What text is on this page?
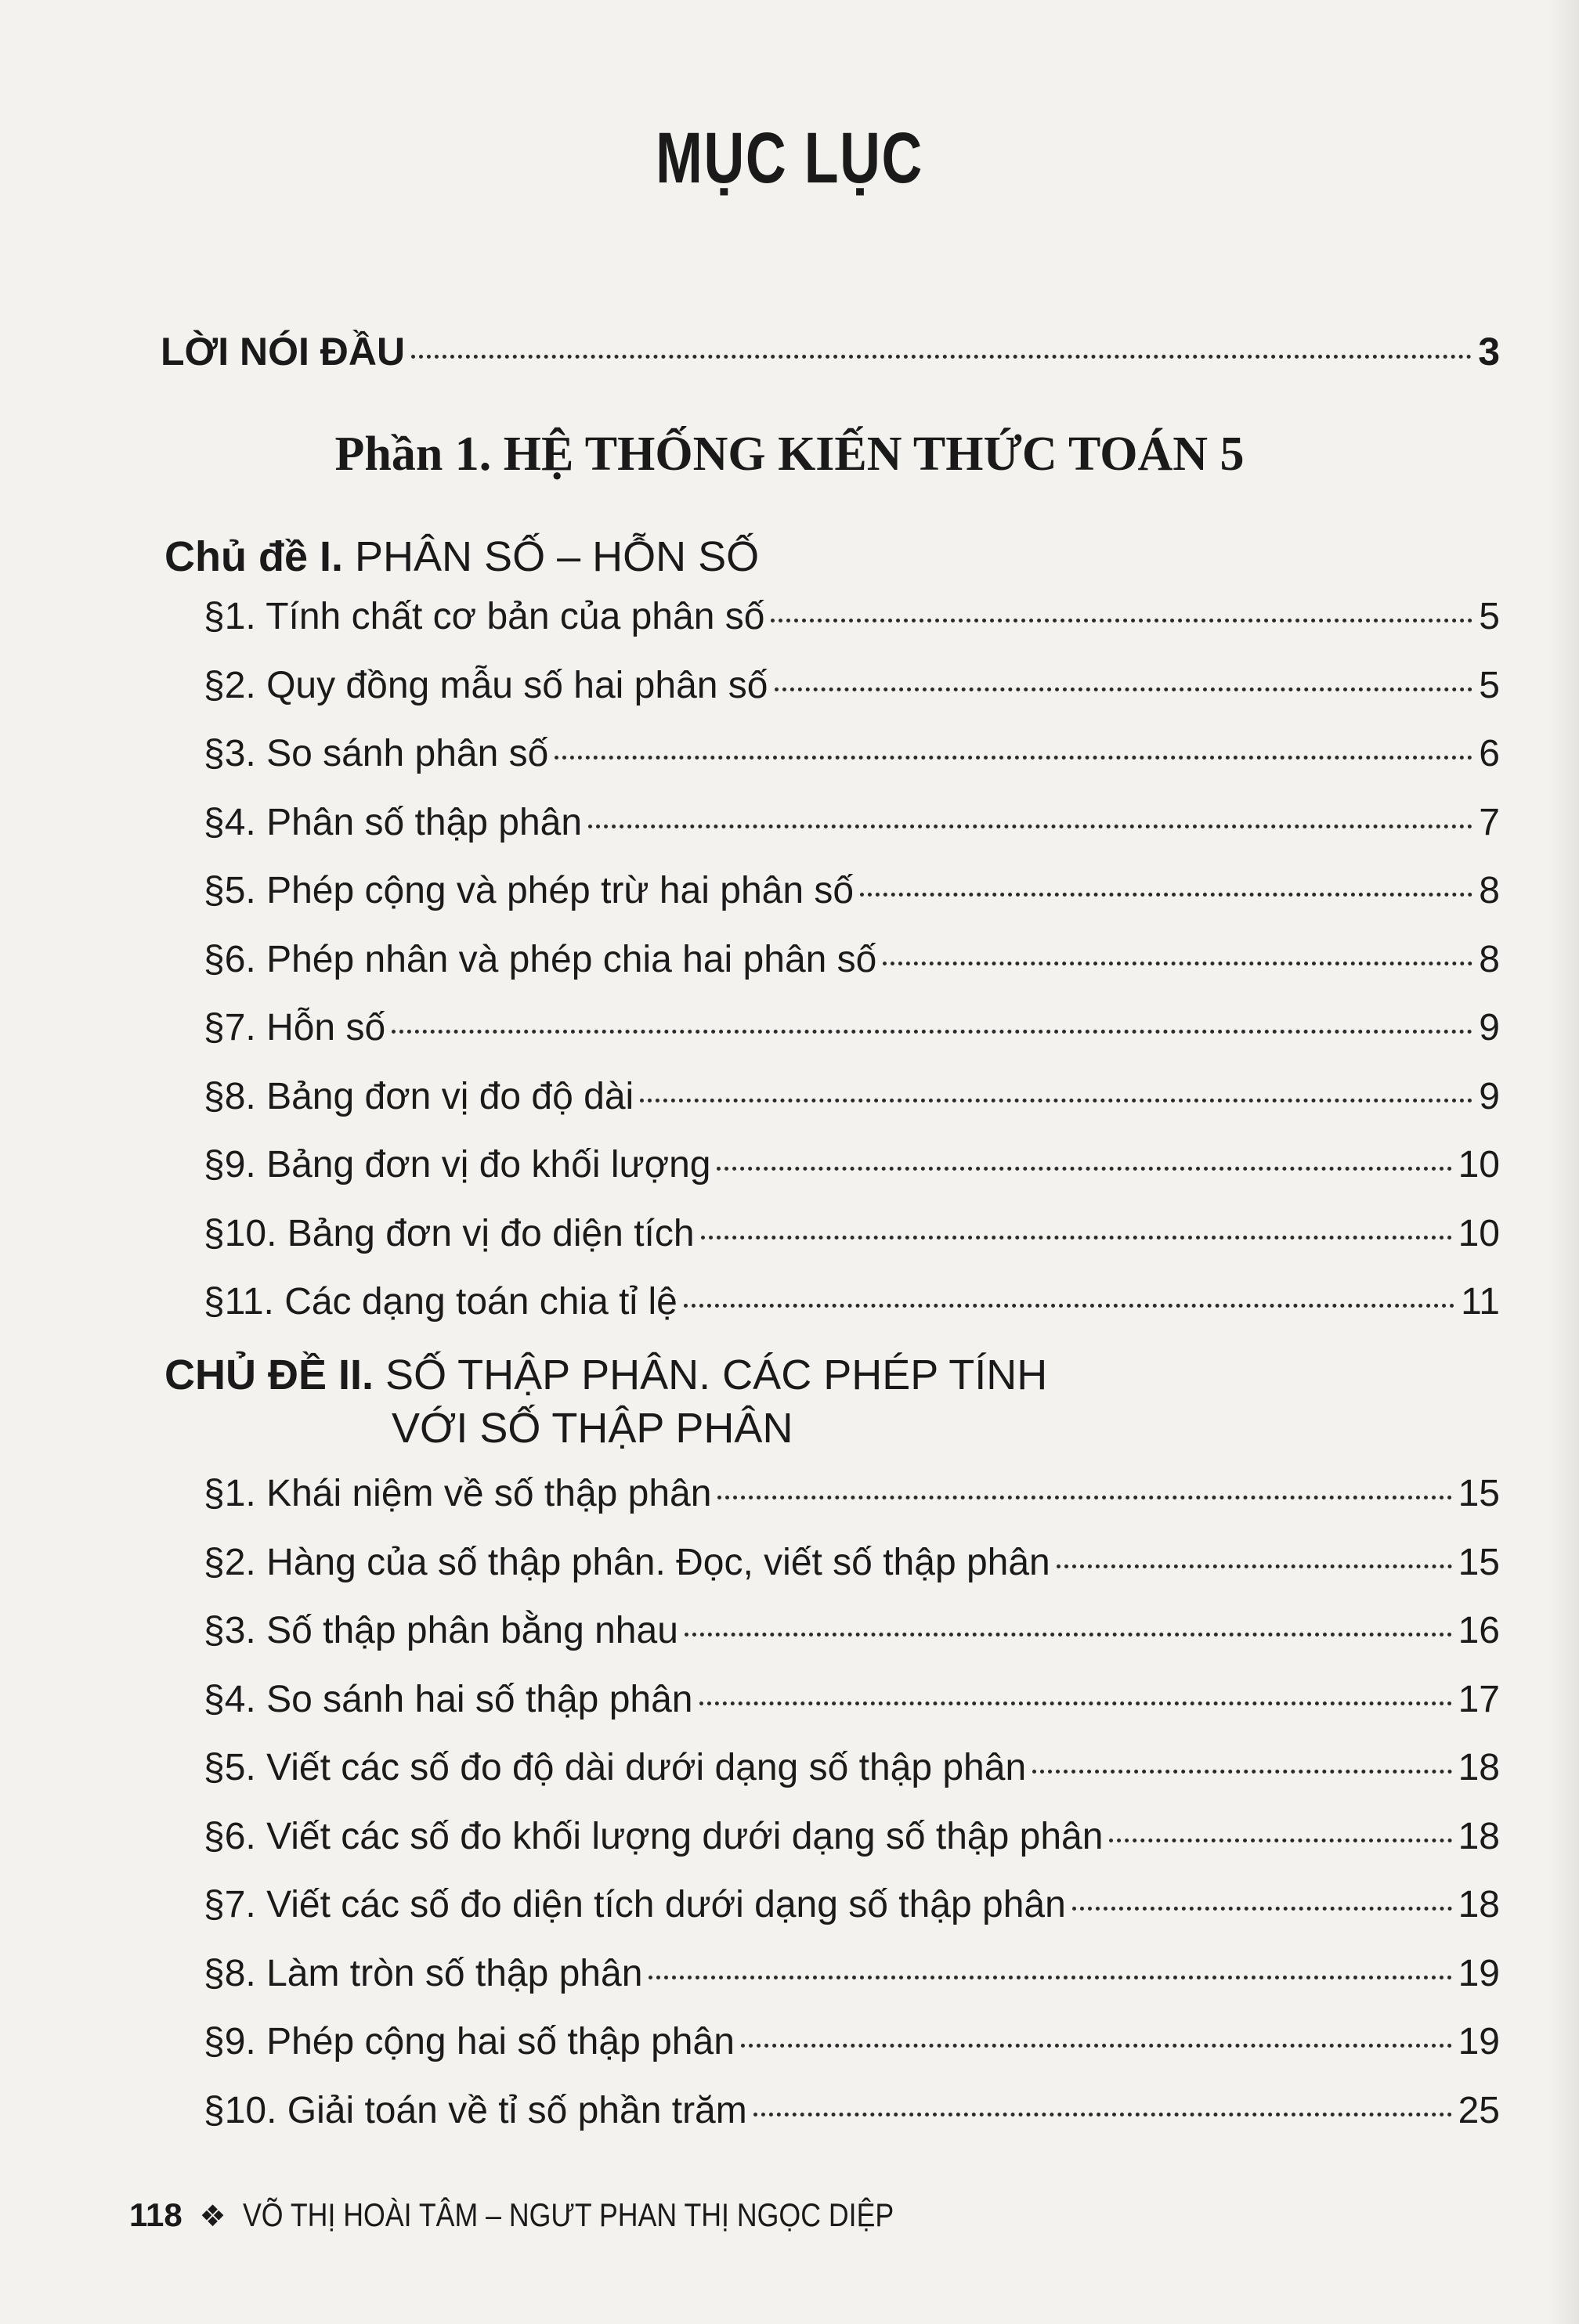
MỤC LỤC
LỜI NÓI ĐẦU	3
Phần 1. HỆ THỐNG KIẾN THỨC TOÁN 5
Chủ đề I. PHÂN SỐ – HỖN SỐ
§1. Tính chất cơ bản của phân số	5
§2. Quy đồng mẫu số hai phân số	5
§3. So sánh phân số	6
§4. Phân số thập phân	7
§5. Phép cộng và phép trừ hai phân số	8
§6. Phép nhân và phép chia hai phân số	8
§7. Hỗn số	9
§8. Bảng đơn vị đo độ dài	9
§9. Bảng đơn vị đo khối lượng	10
§10. Bảng đơn vị đo diện tích	10
§11. Các dạng toán chia tỉ lệ	11
CHỦ ĐỀ II. SỐ THẬP PHÂN. CÁC PHÉP TÍNH
VỚI SỐ THẬP PHÂN
§1. Khái niệm về số thập phân	15
§2. Hàng của số thập phân. Đọc, viết số thập phân	15
§3. Số thập phân bằng nhau	16
§4. So sánh hai số thập phân	17
§5. Viết các số đo độ dài dưới dạng số thập phân	18
§6. Viết các số đo khối lượng dưới dạng số thập phân	18
§7. Viết các số đo diện tích dưới dạng số thập phân	18
§8. Làm tròn số thập phân	19
§9. Phép cộng hai số thập phân	19
§10. Giải toán về tỉ số phần trăm	25
118 ❖ VÕ THỊ HOÀI TÂM – NGƯT PHAN THỊ NGỌC DIỆP
